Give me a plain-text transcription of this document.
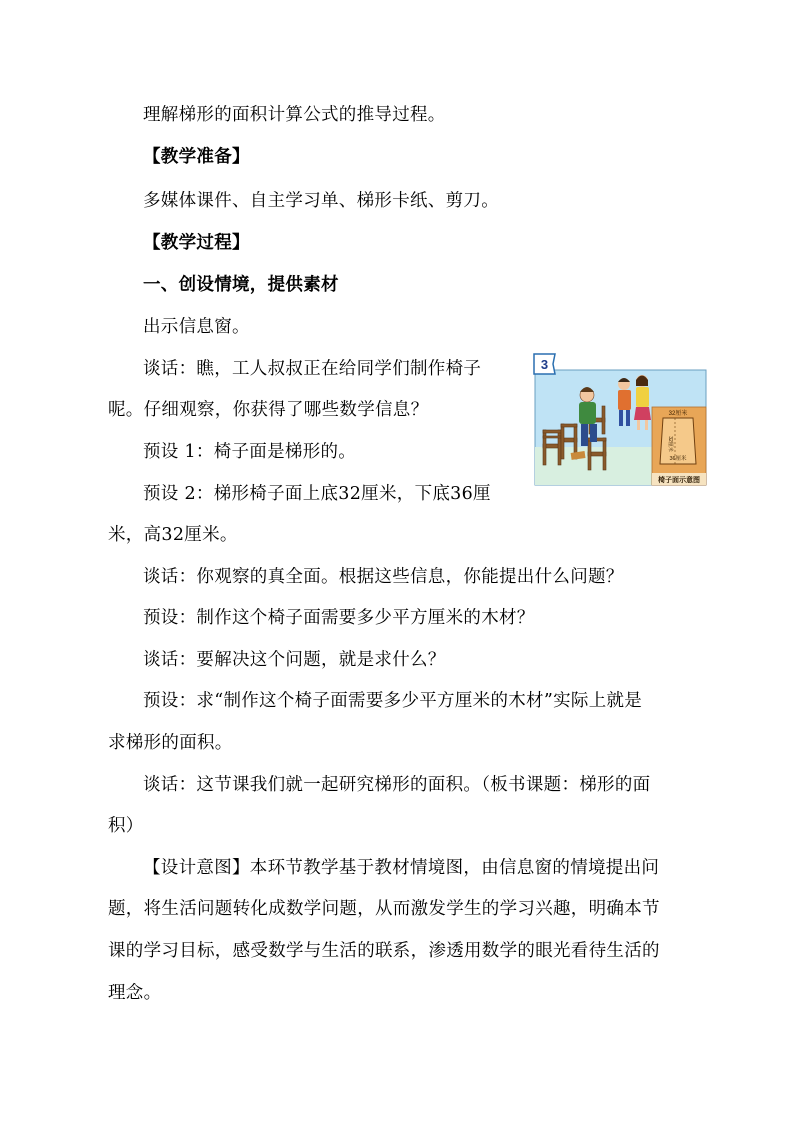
理解梯形的面积计算公式的推导过程。
【教学准备】
多媒体课件、自主学习单、梯形卡纸、剪刀。
【教学过程】
一、创设情境，提供素材
出示信息窗。
谈话：瞧，工人叔叔正在给同学们制作椅子
呢。仔细观察，你获得了哪些数学信息？
预设 1：椅子面是梯形的。
预设 2：梯形椅子面上底32厘米，下底36厘
米，高32厘米。
谈话：你观察的真全面。根据这些信息，你能提出什么问题？
预设：制作这个椅子面需要多少平方厘米的木材？
谈话：要解决这个问题，就是求什么？
预设：求“制作这个椅子面需要多少平方厘米的木材”实际上就是
求梯形的面积。
谈话：这节课我们就一起研究梯形的面积。（板书课题：梯形的面
积）
【设计意图】本环节教学基于教材情境图，由信息窗的情境提出问
题，将生活问题转化成数学问题，从而激发学生的学习兴趣，明确本节
课的学习目标，感受数学与生活的联系，渗透用数学的眼光看待生活的
理念。
3
32厘米
32厘米
36厘米
椅子面示意图
